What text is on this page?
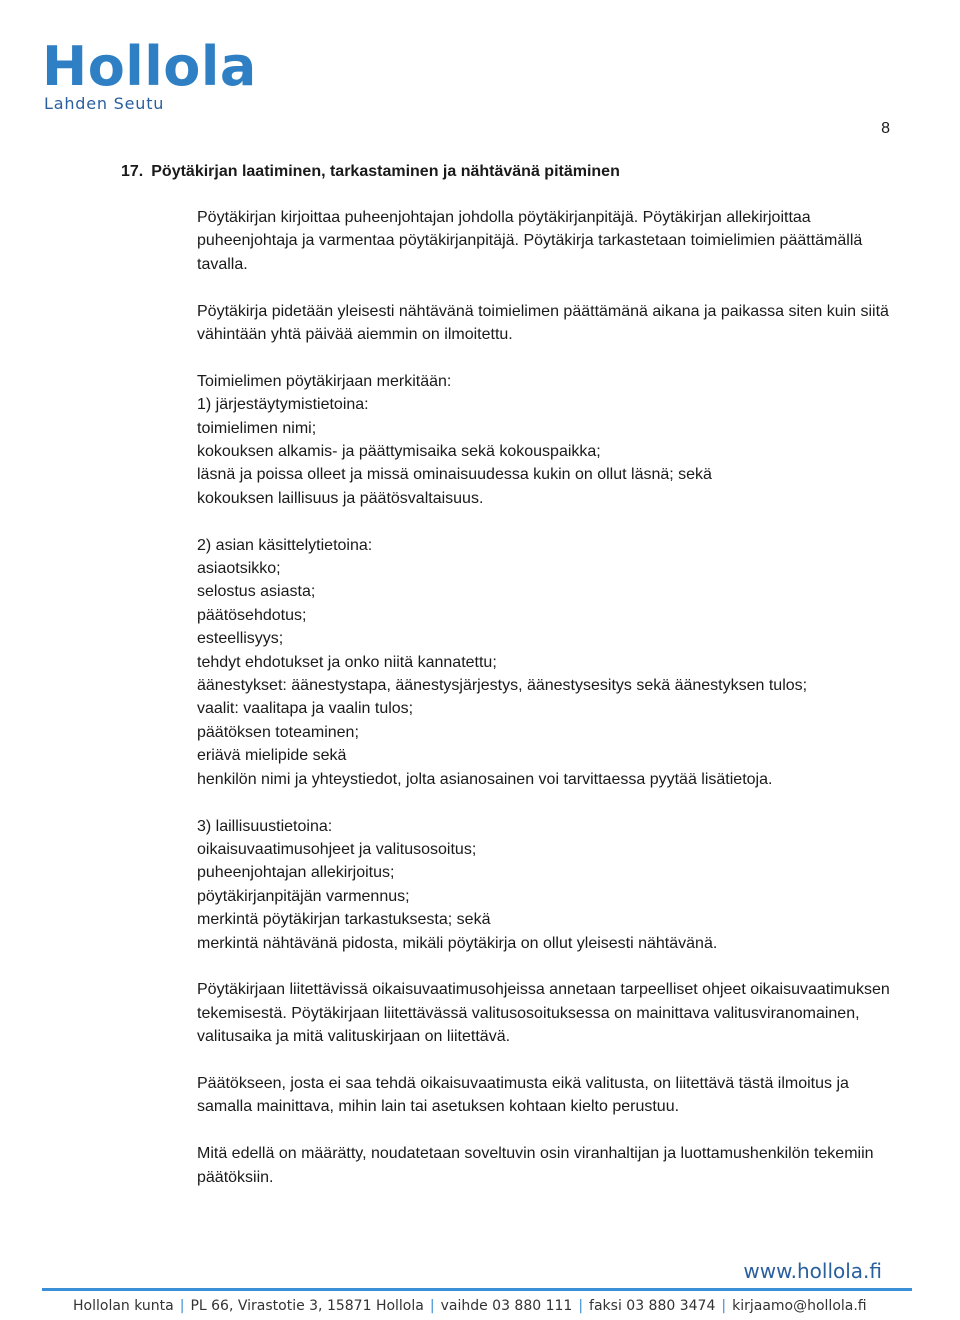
Hollola
Lahden Seutu
8
17. Pöytäkirjan laatiminen, tarkastaminen ja nähtävänä pitäminen

Pöytäkirjan kirjoittaa puheenjohtajan johdolla pöytäkirjanpitäjä. Pöytäkirjan allekirjoittaa puheenjohtaja ja varmentaa pöytäkirjanpitäjä. Pöytäkirja tarkastetaan toimielimien päättämällä tavalla.

Pöytäkirja pidetään yleisesti nähtävänä toimielimen päättämänä aikana ja paikassa siten kuin siitä vähintään yhtä päivää aiemmin on ilmoitettu.

Toimielimen pöytäkirjaan merkitään:
1) järjestäytymistietoina:
toimielimen nimi;
kokouksen alkamis- ja päättymisaika sekä kokouspaikka;
läsnä ja poissa olleet ja missä ominaisuudessa kukin on ollut läsnä; sekä
kokouksen laillisuus ja päätösvaltaisuus.
2) asian käsittelytietoina:
asiaotsikko;
selostus asiasta;
päätösehdotus;
esteellisyys;
tehdyt ehdotukset ja onko niitä kannatettu;
äänestykset: äänestystapa, äänestysjärjestys, äänestysesitys sekä äänestyksen tulos;
vaalit: vaalitapa ja vaalin tulos;
päätöksen toteaminen;
eriävä mielipide sekä
henkilön nimi ja yhteystiedot, jolta asianosainen voi tarvittaessa pyytää lisätietoja.
3) laillisuustietoina:
oikaisuvaatimusohjeet ja valitusosoitus;
puheenjohtajan allekirjoitus;
pöytäkirjanpitäjän varmennus;
merkintä pöytäkirjan tarkastuksesta; sekä
merkintä nähtävänä pidosta, mikäli pöytäkirja on ollut yleisesti nähtävänä.

Pöytäkirjaan liitettävissä oikaisuvaatimusohjeissa annetaan tarpeelliset ohjeet oikaisuvaatimuksen tekemisestä. Pöytäkirjaan liitettävässä valitusosoituksessa on mainittava valitusviranomainen, valitusaika ja mitä valituskirjaan on liitettävä.

Päätökseen, josta ei saa tehdä oikaisuvaatimusta eikä valitusta, on liitettävä tästä ilmoitus ja samalla mainittava, mihin lain tai asetuksen kohtaan kielto perustuu.

Mitä edellä on määrätty, noudatetaan soveltuvin osin viranhaltijan ja luottamushenkilön tekemiin päätöksiin.

www.hollola.fi
Hollolan kunta | PL 66, Virastotie 3, 15871 Hollola | vaihde 03 880 111 | faksi 03 880 3474 | kirjaamo@hollola.fi
